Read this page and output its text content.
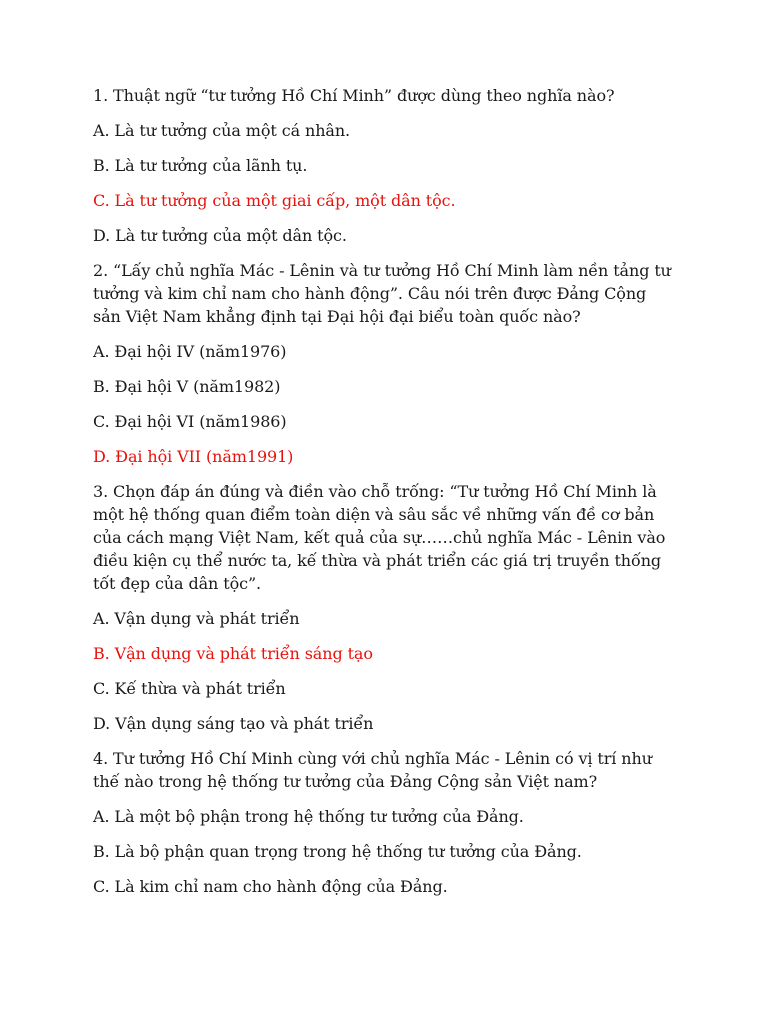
1. Thuật ngữ “tư tưởng Hồ Chí Minh” được dùng theo nghĩa nào?

A. Là tư tưởng của một cá nhân.

B. Là tư tưởng của lãnh tụ.

C. Là tư tưởng của một giai cấp, một dân tộc.

D. Là tư tưởng của một dân tộc.

2. “Lấy chủ nghĩa Mác - Lênin và tư tưởng Hồ Chí Minh làm nền tảng tư tưởng và kim chỉ nam cho hành động”. Câu nói trên được Đảng Cộng sản Việt Nam khẳng định tại Đại hội đại biểu toàn quốc nào?

A. Đại hội IV (năm1976)

B. Đại hội V (năm1982)

C. Đại hội VI (năm1986)

D. Đại hội VII (năm1991)

3. Chọn đáp án đúng và điền vào chỗ trống: “Tư tưởng Hồ Chí Minh là một hệ thống quan điểm toàn diện và sâu sắc về những vấn đề cơ bản của cách mạng Việt Nam, kết quả của sự……chủ nghĩa Mác - Lênin vào điều kiện cụ thể nước ta, kế thừa và phát triển các giá trị truyền thống tốt đẹp của dân tộc”.

A. Vận dụng và phát triển

B. Vận dụng và phát triển sáng tạo

C. Kế thừa và phát triển

D. Vận dụng sáng tạo và phát triển

4. Tư tưởng Hồ Chí Minh cùng với chủ nghĩa Mác - Lênin có vị trí như thế nào trong hệ thống tư tưởng của Đảng Cộng sản Việt nam?

A. Là một bộ phận trong hệ thống tư tưởng của Đảng.

B. Là bộ phận quan trọng trong hệ thống tư tưởng của Đảng.

C. Là kim chỉ nam cho hành động của Đảng.
